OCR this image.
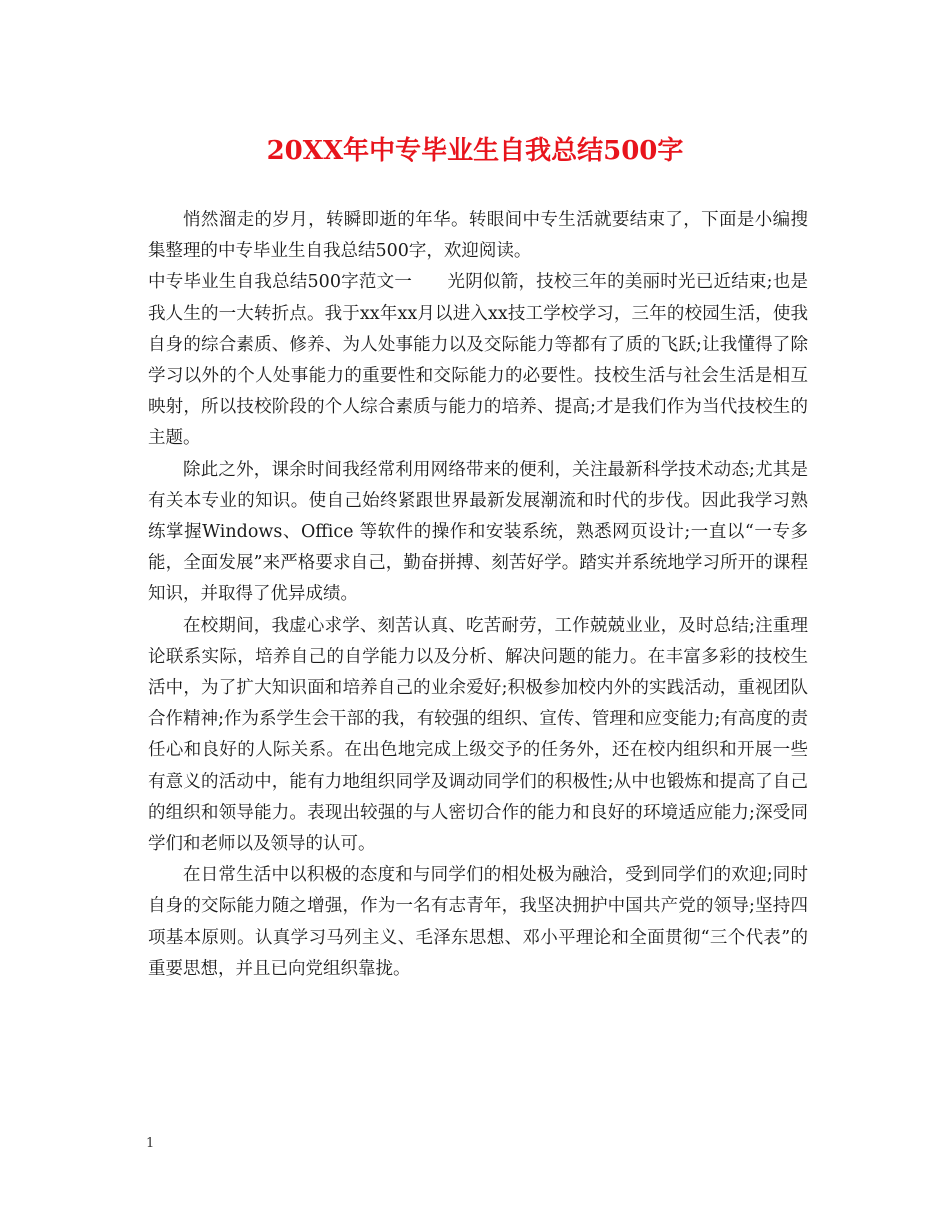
20XX年中专毕业生自我总结500字

悄然溜走的岁月，转瞬即逝的年华。转眼间中专生活就要结束了，下面是小编搜集整理的中专毕业生自我总结500字，欢迎阅读。

中专毕业生自我总结500字范文一　　光阴似箭，技校三年的美丽时光已近结束;也是我人生的一大转折点。我于xx年xx月以进入xx技工学校学习，三年的校园生活，使我自身的综合素质、修养、为人处事能力以及交际能力等都有了质的飞跃;让我懂得了除学习以外的个人处事能力的重要性和交际能力的必要性。技校生活与社会生活是相互映射，所以技校阶段的个人综合素质与能力的培养、提高;才是我们作为当代技校生的主题。

除此之外，课余时间我经常利用网络带来的便利，关注最新科学技术动态;尤其是有关本专业的知识。使自己始终紧跟世界最新发展潮流和时代的步伐。因此我学习熟练掌握Windows、Office 等软件的操作和安装系统，熟悉网页设计;一直以“一专多能，全面发展”来严格要求自己，勤奋拼搏、刻苦好学。踏实并系统地学习所开的课程知识，并取得了优异成绩。

在校期间，我虚心求学、刻苦认真、吃苦耐劳，工作兢兢业业，及时总结;注重理论联系实际，培养自己的自学能力以及分析、解决问题的能力。在丰富多彩的技校生活中，为了扩大知识面和培养自己的业余爱好;积极参加校内外的实践活动，重视团队合作精神;作为系学生会干部的我，有较强的组织、宣传、管理和应变能力;有高度的责任心和良好的人际关系。在出色地完成上级交予的任务外，还在校内组织和开展一些有意义的活动中，能有力地组织同学及调动同学们的积极性;从中也锻炼和提高了自己的组织和领导能力。表现出较强的与人密切合作的能力和良好的环境适应能力;深受同学们和老师以及领导的认可。

在日常生活中以积极的态度和与同学们的相处极为融洽，受到同学们的欢迎;同时自身的交际能力随之增强，作为一名有志青年，我坚决拥护中国共产党的领导;坚持四项基本原则。认真学习马列主义、毛泽东思想、邓小平理论和全面贯彻“三个代表”的重要思想，并且已向党组织靠拢。

1
